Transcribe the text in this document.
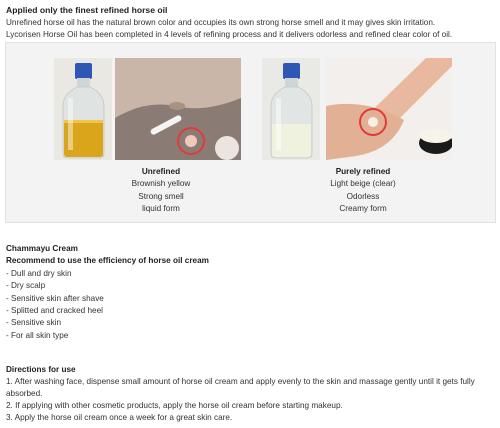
Applied only the finest refined horse oil
Unrefined horse oil has the natural brown color and occupies its own strong horse smell and it may gives skin irritation.
Lycorisen Horse Oil has been completed in 4 levels of refining process and it delivers odorless and refined clear color of oil.
Unrefined
Brownish yellow
Strong smell
liquid form
Purely refined
Light beige (clear)
Odorless
Creamy form
Chammayu Cream
Recommend to use the efficiency of horse oil cream
- Dull and dry skin
- Dry scalp
- Sensitive skin after shave
- Splitted and cracked heel
- Sensitive skin
- For all skin type
Directions for use
1. After washing face, dispense small amount of horse oil cream and apply evenly to the skin and massage gently until it gets fully
absorbed.
2. If applying with other cosmetic products, apply the horse oil cream before starting makeup.
3. Apply the horse oil cream once a week for a great skin care.
